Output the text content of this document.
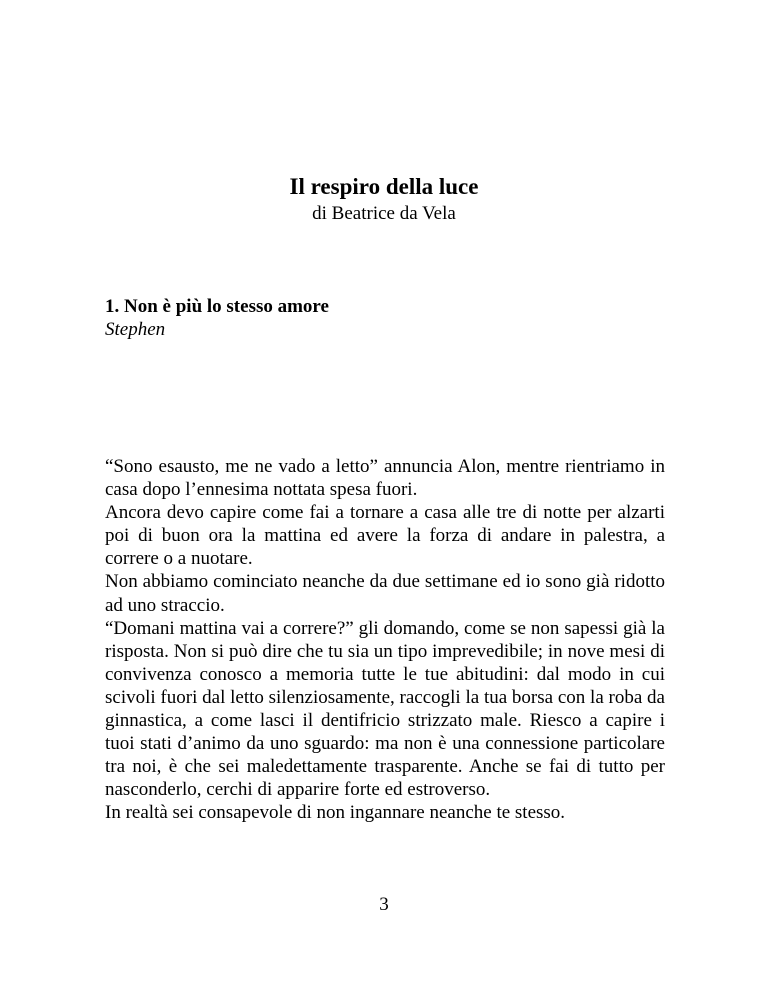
Il respiro della luce
di Beatrice da Vela
1. Non è più lo stesso amore
Stephen

“Sono esausto, me ne vado a letto” annuncia Alon, mentre rientriamo in casa dopo l’ennesima nottata spesa fuori.

Ancora devo capire come fai a tornare a casa alle tre di notte per alzarti poi di buon ora la mattina ed avere la forza di andare in palestra, a correre o a nuotare.

Non abbiamo cominciato neanche da due settimane ed io sono già ridotto ad uno straccio.

“Domani mattina vai a correre?” gli domando, come se non sapessi già la risposta. Non si può dire che tu sia un tipo imprevedibile; in nove mesi di convivenza conosco a memoria tutte le tue abitudini: dal modo in cui scivoli fuori dal letto silenziosamente, raccogli la tua borsa con la roba da ginnastica, a come lasci il dentifricio strizzato male. Riesco a capire i tuoi stati d’animo da uno sguardo: ma non è una connessione particolare tra noi, è che sei maledettamente trasparente. Anche se fai di tutto per nasconderlo, cerchi di apparire forte ed estroverso.

In realtà sei consapevole di non ingannare neanche te stesso.

3
